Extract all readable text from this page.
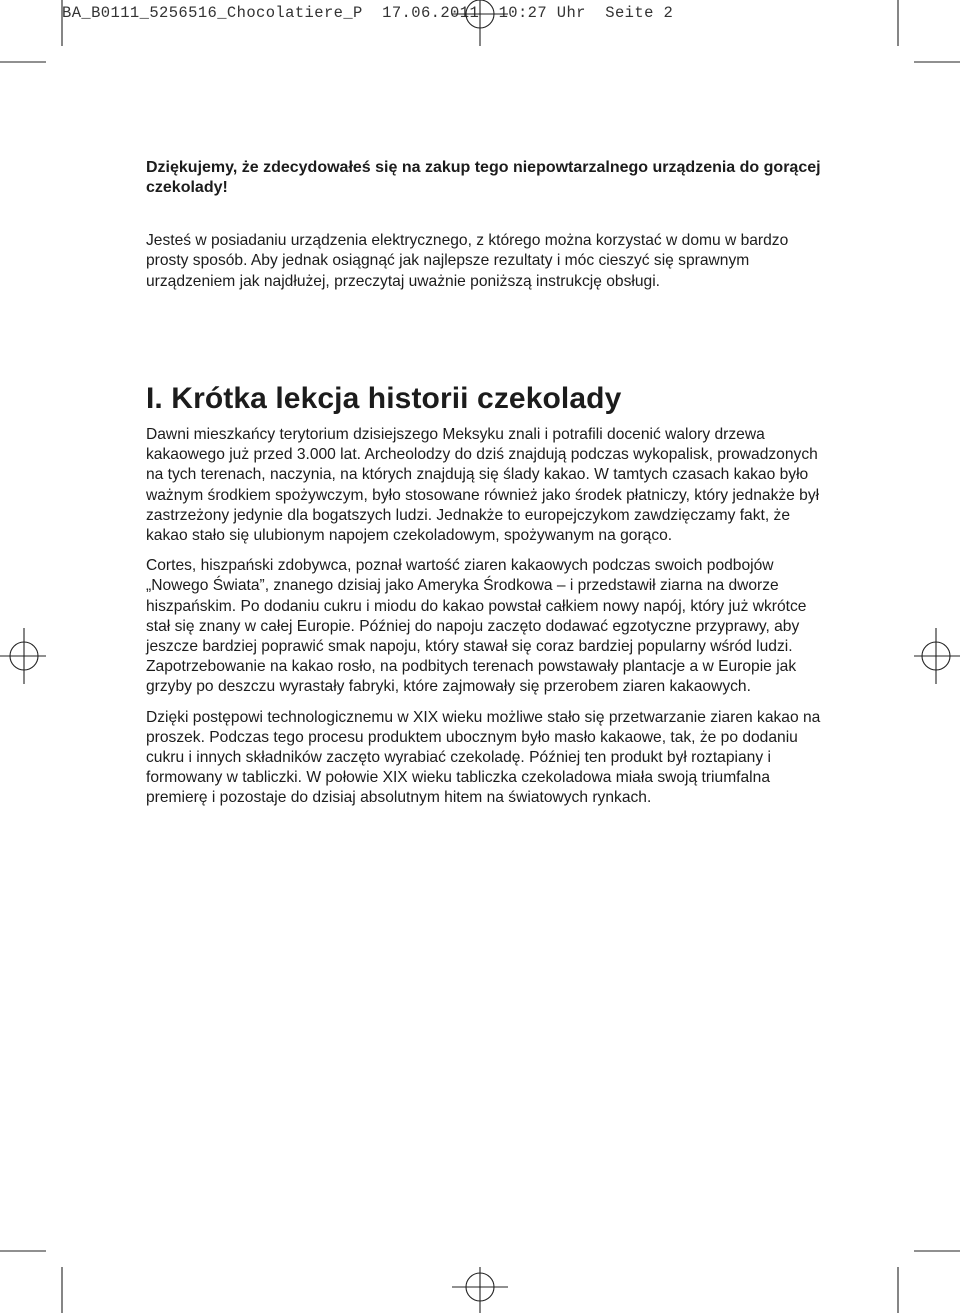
BA_B0111_5256516_Chocolatiere_P  17.06.2011  10:27 Uhr  Seite 2

Dziękujemy, że zdecydowałeś się na zakup tego niepowtarzalnego urządzenia do gorącej czekolady!

Jesteś w posiadaniu urządzenia elektrycznego, z którego można korzystać w domu w bardzo prosty sposób. Aby jednak osiągnąć jak najlepsze rezultaty i móc cieszyć się sprawnym urządzeniem jak najdłużej, przeczytaj uważnie poniższą instrukcję obsługi.

I. Krótka lekcja historii czekolady

Dawni mieszkańcy terytorium dzisiejszego Meksyku znali i potrafili docenić walory drzewa kakaowego już przed 3.000 lat. Archeolodzy do dziś znajdują podczas wykopalisk, prowadzonych na tych terenach, naczynia, na których znajdują się ślady kakao. W tamtych czasach kakao było ważnym środkiem spożywczym, było stosowane również jako środek płatniczy, który jednakże był zastrzeżony jedynie dla bogatszych ludzi. Jednakże to europejczykom zawdzięczamy fakt, że kakao stało się ulubionym napojem czekoladowym, spożywanym na gorąco.

Cortes, hiszpański zdobywca, poznał wartość ziaren kakaowych podczas swoich podbojów „Nowego Świata”, znanego dzisiaj jako Ameryka Środkowa – i przedstawił ziarna na dworze hiszpańskim. Po dodaniu cukru i miodu do kakao powstał całkiem nowy napój, który już wkrótce stał się znany w całej Europie. Później do napoju zaczęto dodawać egzotyczne przyprawy, aby jeszcze bardziej poprawić smak napoju, który stawał się coraz bardziej popularny wśród ludzi. Zapotrzebowanie na kakao rosło, na podbitych terenach powstawały plantacje a w Europie jak grzyby po deszczu wyrastały fabryki, które zajmowały się przerobem ziaren kakaowych.

Dzięki postępowi technologicznemu w XIX wieku możliwe stało się przetwarzanie ziaren kakao na proszek. Podczas tego procesu produktem ubocznym było masło kakaowe, tak, że po dodaniu cukru i innych składników zaczęto wyrabiać czekoladę. Później ten produkt był roztapiany i formowany w tabliczki. W połowie XIX wieku tabliczka czekoladowa miała swoją triumfalna premierę i pozostaje do dzisiaj absolutnym hitem na światowych rynkach.
